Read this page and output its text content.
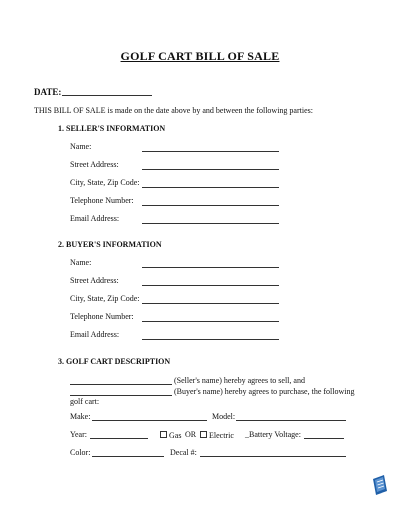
GOLF CART BILL OF SALE
DATE:
THIS BILL OF SALE is made on the date above by and between the following parties:
1. SELLER'S INFORMATION
Name:
Street Address:
City, State, Zip Code:
Telephone Number:
Email Address:
2. BUYER'S INFORMATION
Name:
Street Address:
City, State, Zip Code:
Telephone Number:
Email Address:
3. GOLF CART DESCRIPTION
(Seller's name) hereby agrees to sell, and
(Buyer's name) hereby agrees to purchase, the following
golf cart:
Make:	Model:
Year:	Gas OR	Electric _Battery Voltage:
Color:	Decal #:
